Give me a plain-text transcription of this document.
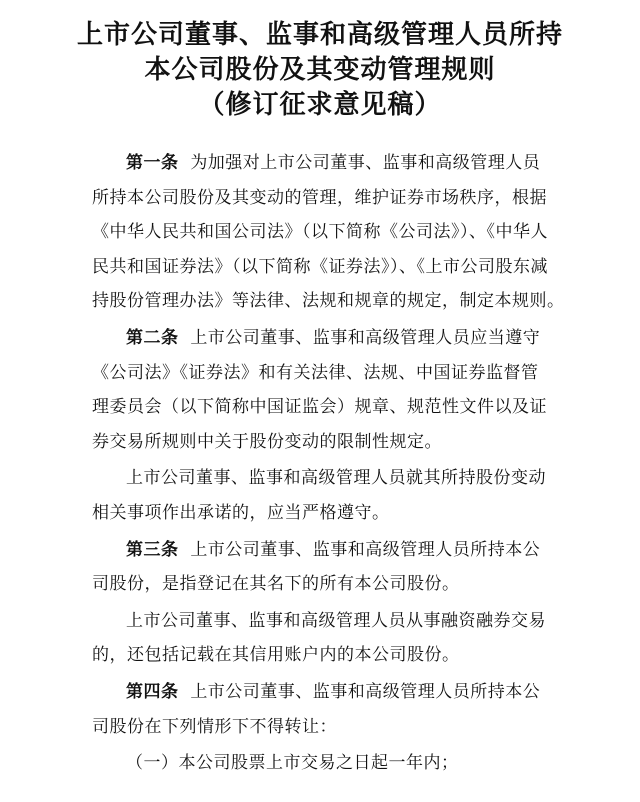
上市公司董事、监事和高级管理人员所持
本公司股份及其变动管理规则
（修订征求意见稿）
第一条 为加强对上市公司董事、监事和高级管理人员
所持本公司股份及其变动的管理，维护证券市场秩序，根据
《中华人民共和国公司法》（以下简称《公司法》）、《中华人
民共和国证券法》（以下简称《证券法》）、《上市公司股东减
持股份管理办法》等法律、法规和规章的规定，制定本规则。
第二条 上市公司董事、监事和高级管理人员应当遵守
《公司法》《证券法》和有关法律、法规、中国证券监督管
理委员会（以下简称中国证监会）规章、规范性文件以及证
券交易所规则中关于股份变动的限制性规定。
上市公司董事、监事和高级管理人员就其所持股份变动
相关事项作出承诺的，应当严格遵守。
第三条 上市公司董事、监事和高级管理人员所持本公
司股份，是指登记在其名下的所有本公司股份。
上市公司董事、监事和高级管理人员从事融资融券交易
的，还包括记载在其信用账户内的本公司股份。
第四条 上市公司董事、监事和高级管理人员所持本公
司股份在下列情形下不得转让：
（一）本公司股票上市交易之日起一年内；
